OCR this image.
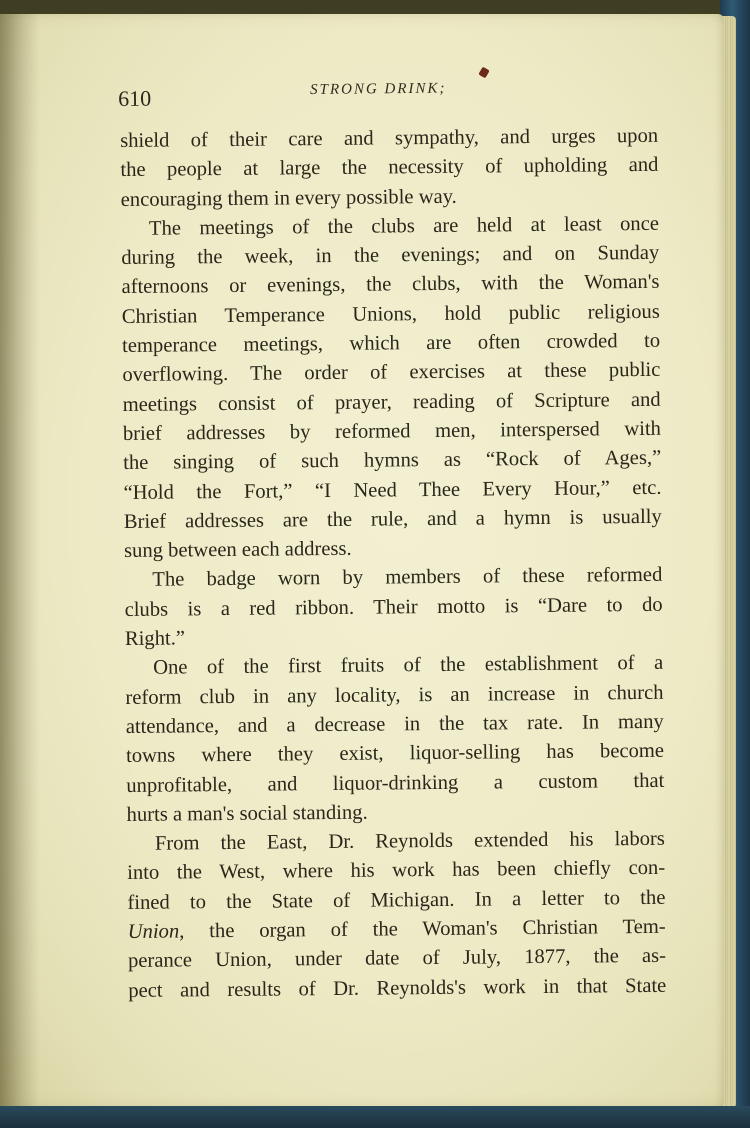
610	STRONG DRINK;
shield of their care and sympathy, and urges upon
the people at large the necessity of upholding and
encouraging them in every possible way.
The meetings of the clubs are held at least once
during the week, in the evenings; and on Sunday
afternoons or evenings, the clubs, with the Woman's
Christian Temperance Unions, hold public religious
temperance meetings, which are often crowded to
overflowing. The order of exercises at these public
meetings consist of prayer, reading of Scripture and
brief addresses by reformed men, interspersed with
the singing of such hymns as “Rock of Ages,”
“Hold the Fort,” “I Need Thee Every Hour,” etc.
Brief addresses are the rule, and a hymn is usually
sung between each address.
The badge worn by members of these reformed
clubs is a red ribbon. Their motto is “Dare to do
Right.”
One of the first fruits of the establishment of a
reform club in any locality, is an increase in church
attendance, and a decrease in the tax rate. In many
towns where they exist, liquor-selling has become
unprofitable, and liquor-drinking a custom that
hurts a man's social standing.
From the East, Dr. Reynolds extended his labors
into the West, where his work has been chiefly con-
fined to the State of Michigan. In a letter to the
Union, the organ of the Woman's Christian Tem-
perance Union, under date of July, 1877, the as-
pect and results of Dr. Reynolds's work in that State
